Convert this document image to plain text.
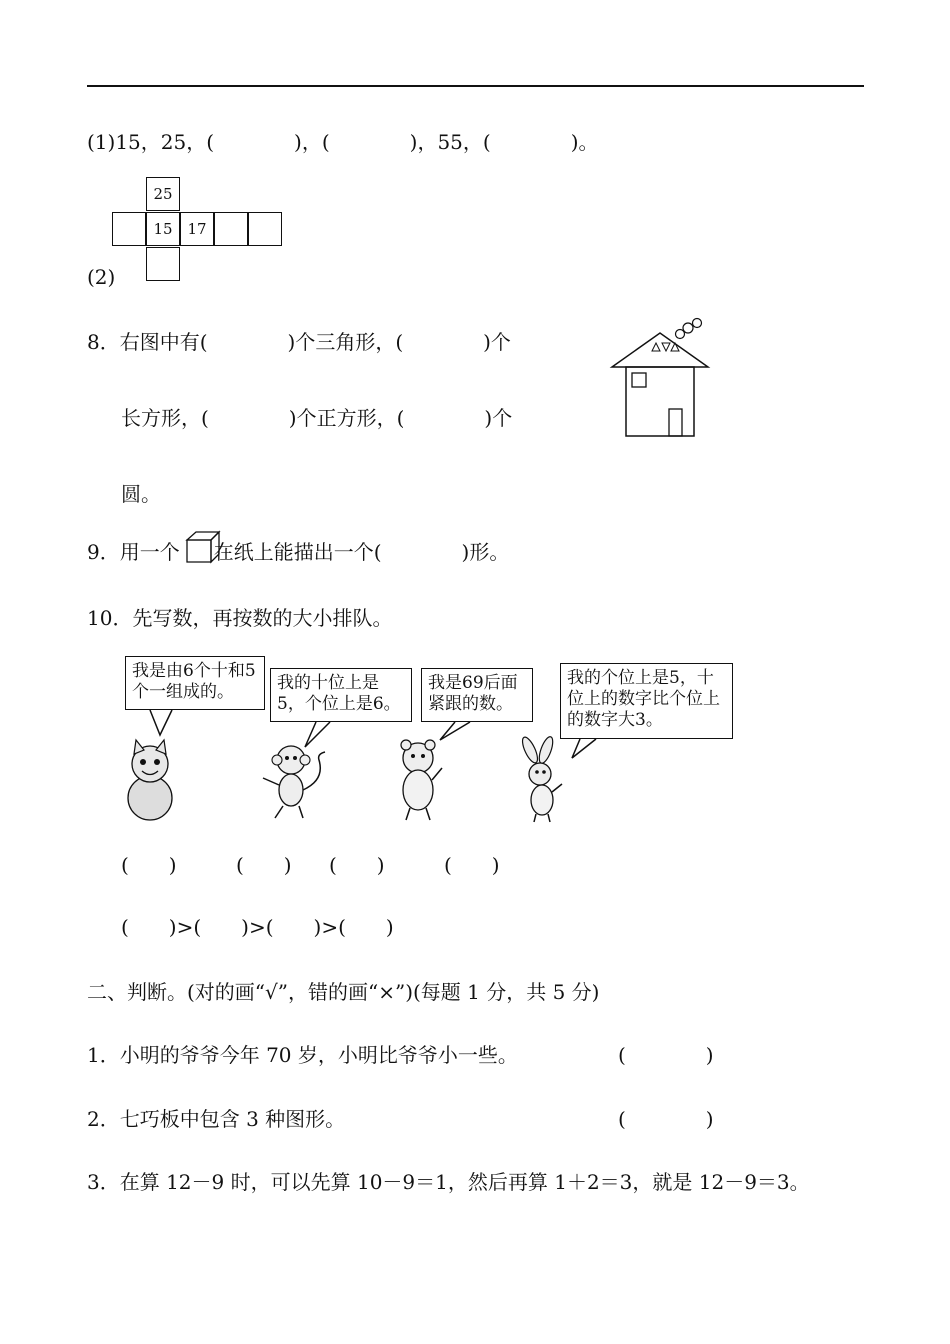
(1)15，25，(　　　　)，(　　　　)，55，(　　　　)。
25
15 17
(2)
8．右图中有(　　　　)个三角形，(　　　　)个
长方形，(　　　　)个正方形，(　　　　)个
圆。
9．用一个 在纸上能描出一个(　　　　)形。
10．先写数，再按数的大小排队。
我是由6个十和5个一组成的。	我的十位上是5，个位上是6。
我是69后面紧跟的数。
我的个位上是5，十位上的数字比个位上的数字大3。
(　　)	(　　) (　　)	(　　)
(　　)>(　　)>(　　)>(　　)
二、判断。(对的画“√”，错的画“×”)(每题 1 分，共 5 分)
1．小明的爷爷今年 70 岁，小明比爷爷小一些。	(　　　　)
2．七巧板中包含 3 种图形。	(　　　　)
3．在算 12－9 时，可以先算 10－9＝1，然后再算 1＋2＝3，就是 12－9＝3。
